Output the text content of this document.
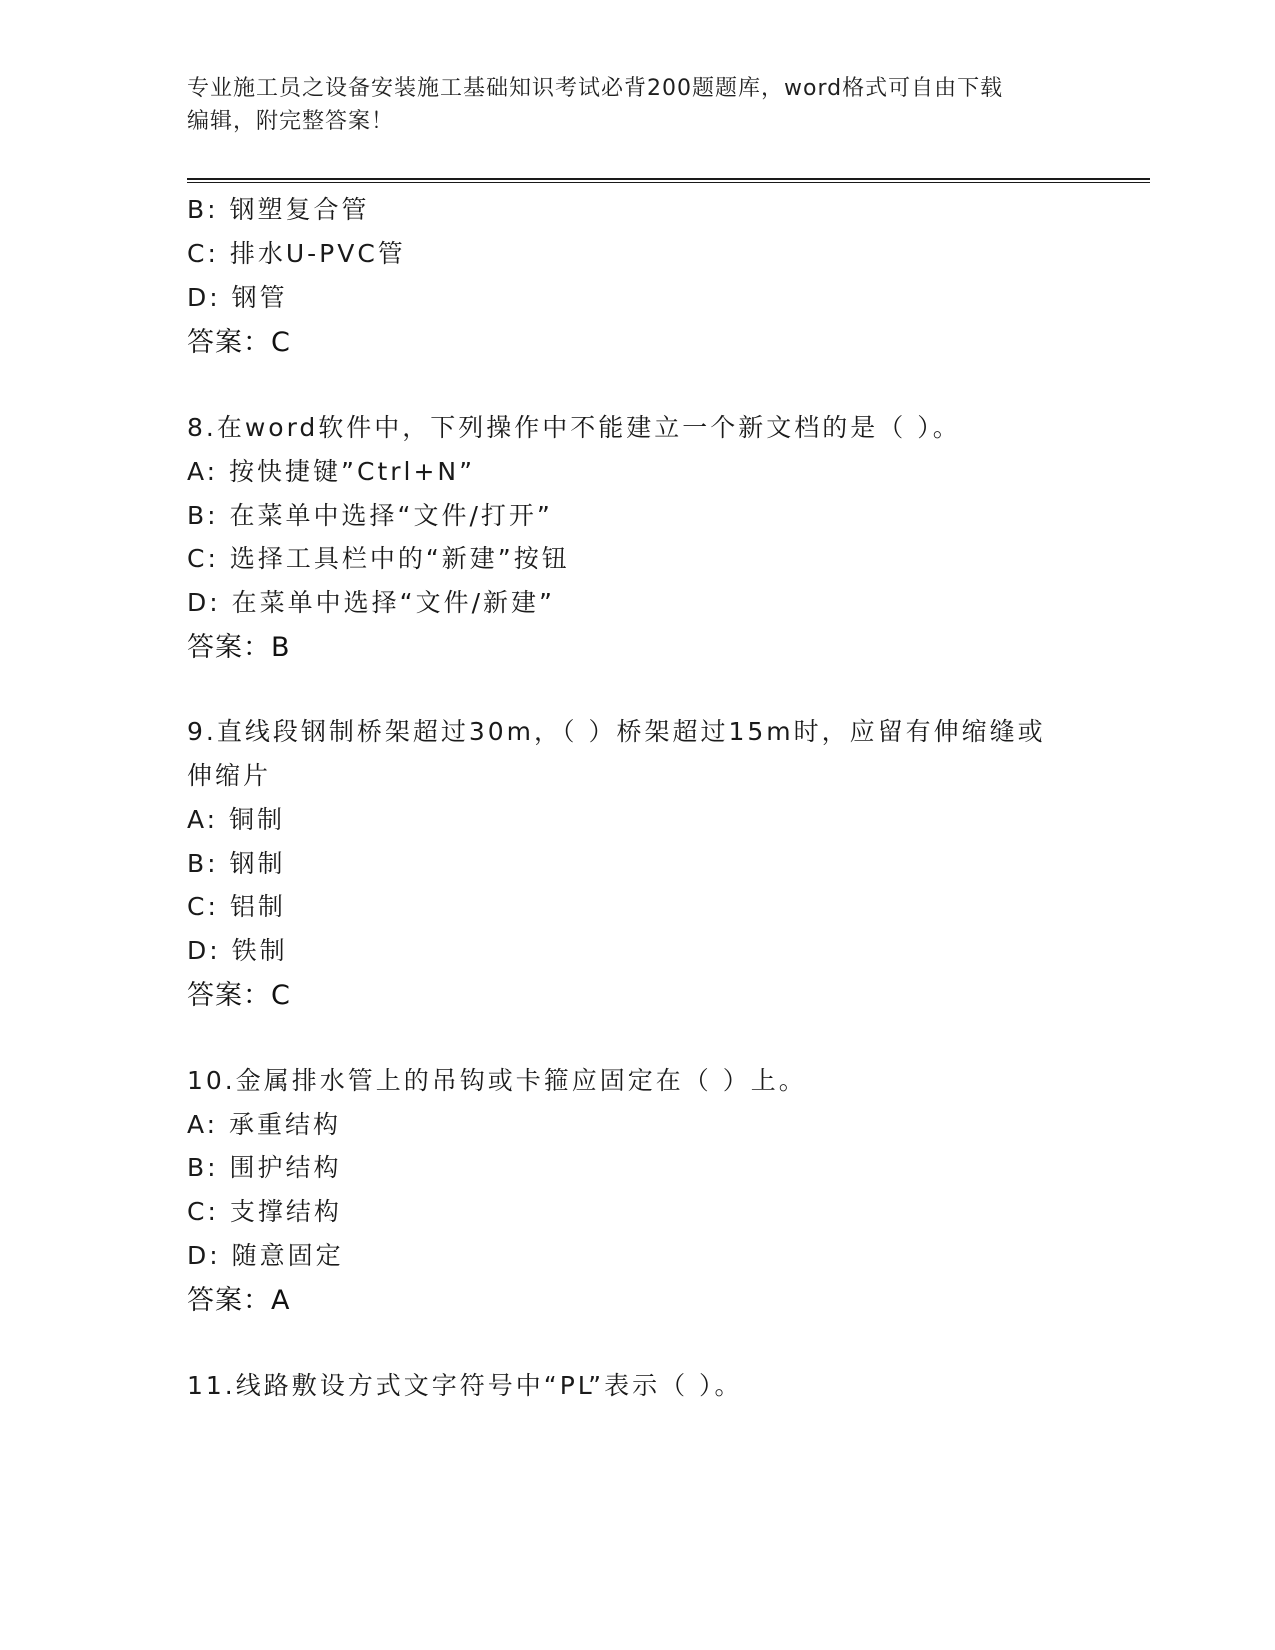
专业施工员之设备安装施工基础知识考试必背200题题库，word格式可自由下载
编辑，附完整答案！
B: 钢塑复合管
C: 排水U-PVC管
D: 钢管
答案：C
8.在word软件中，下列操作中不能建立一个新文档的是（ ）。
A: 按快捷键”Ctrl+N”
B: 在菜单中选择“文件/打开”
C: 选择工具栏中的“新建”按钮
D: 在菜单中选择“文件/新建”
答案：B
9.直线段钢制桥架超过30m，（ ）桥架超过15m时，应留有伸缩缝或
伸缩片
A: 铜制
B: 钢制
C: 铝制
D: 铁制
答案：C
10.金属排水管上的吊钩或卡箍应固定在（ ）上。
A: 承重结构
B: 围护结构
C: 支撑结构
D: 随意固定
答案：A
11.线路敷设方式文字符号中“PL”表示（ ）。
